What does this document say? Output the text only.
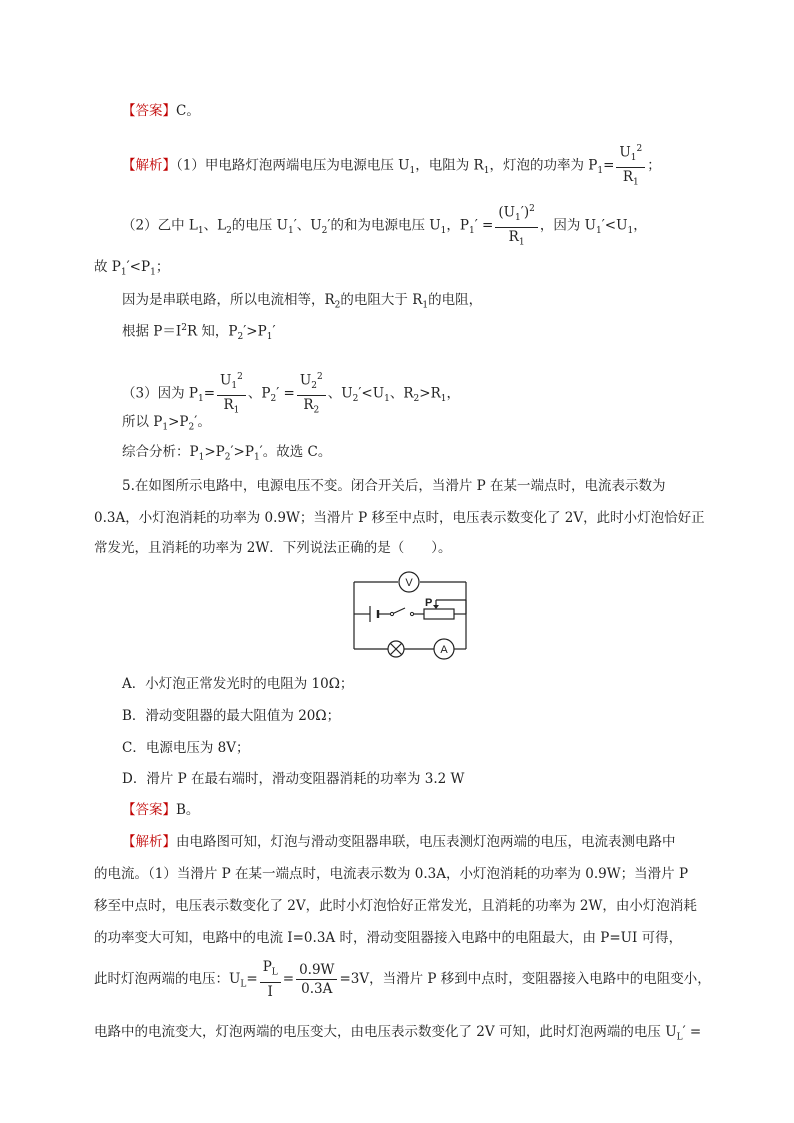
【答案】C。
【解析】（1）甲电路灯泡两端电压为电源电压 $U_1$，电阻为 $R_1$，灯泡的功率为 $P_1= \frac{U_1^2}{R_1}$ ；
（2）乙中 $L_1$、$L_2$的电压 $U_1'$、$U_2'$的和为电源电压 $U_1$，$P_1' = \frac{(U_1')^2}{R_1}$ ，因为 $U_1'<U_1$，
故 $P_1'<P_1$；
因为是串联电路，所以电流相等，$R_2$的电阻大于 $R_1$的电阻，
根据 $P=I^2R$ 知，$P_2'>P_1'$
（3）因为 $P_1= \frac{U_1^2}{R_1}$ 、$P_2' = \frac{U_2^2}{R_2}$ 、$U_2'<U_1$、$R_2>R_1$，
所以 $P_1>P_2'$。
综合分析：$P_1>P_2'>P_1'$。故选 C。
5.在如图所示电路中，电源电压不变。闭合开关后，当滑片 P 在某一端点时，电流表示数为
0.3A，小灯泡消耗的功率为 0.9W；当滑片 P 移至中点时，电压表示数变化了 2V，此时小灯泡恰好正
常发光，且消耗的功率为 2W．下列说法正确的是（　　）。
P
V
A
A．小灯泡正常发光时的电阻为 10Ω；
B．滑动变阻器的最大阻值为 20Ω；
C．电源电压为 8V；
D．滑片 P 在最右端时，滑动变阻器消耗的功率为 3.2 W
【答案】B。
【解析】由电路图可知，灯泡与滑动变阻器串联，电压表测灯泡两端的电压，电流表测电路中
的电流。（1）当滑片 P 在某一端点时，电流表示数为 0.3A，小灯泡消耗的功率为 0.9W；当滑片 P
移至中点时，电压表示数变化了 2V，此时小灯泡恰好正常发光，且消耗的功率为 2W，由小灯泡消耗
的功率变大可知，电路中的电流 I=0.3A 时，滑动变阻器接入电路中的电阻最大，由 P=UI 可得，
此时灯泡两端的电压：$U_L= \frac{P_L}{I} = \frac{0.9W}{0.3A} =3V$，当滑片 P 移到中点时，变阻器接入电路中的电阻变小，
电路中的电流变大，灯泡两端的电压变大，由电压表示数变化了 2V 可知，此时灯泡两端的电压 $U_L'$ =
